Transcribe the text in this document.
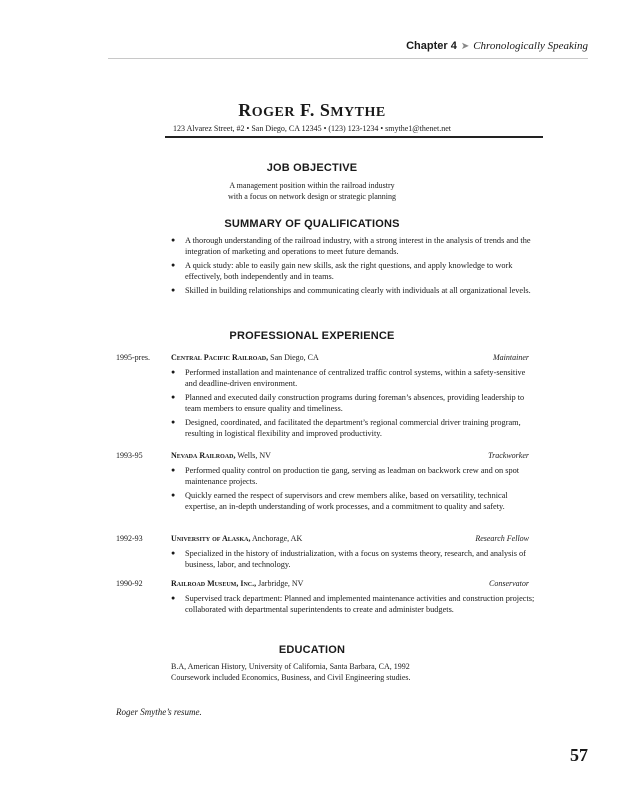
Chapter 4 ➤ Chronologically Speaking
ROGER F. SMYTHE
123 Alvarez Street, #2 • San Diego, CA 12345 • (123) 123-1234 • smythe1@thenet.net
JOB OBJECTIVE
A management position within the railroad industry
with a focus on network design or strategic planning
SUMMARY OF QUALIFICATIONS
● A thorough understanding of the railroad industry, with a strong interest in the analysis of trends and the integration of marketing and operations to meet future demands.
● A quick study: able to easily gain new skills, ask the right questions, and apply knowledge to work effectively, both independently and in teams.
● Skilled in building relationships and communicating clearly with individuals at all organizational levels.
PROFESSIONAL EXPERIENCE
1995-pres.	Central Pacific Railroad, San Diego, CA	Maintainer
● Performed installation and maintenance of centralized traffic control systems, within a safety-sensitive and deadline-driven environment.
● Planned and executed daily construction programs during foreman’s absences, providing leadership to team members to ensure quality and timeliness.
● Designed, coordinated, and facilitated the department’s regional commercial driver training program, resulting in logistical flexibility and improved productivity.
1993-95	Nevada Railroad, Wells, NV	Trackworker
● Performed quality control on production tie gang, serving as leadman on backwork crew and on spot maintenance projects.
● Quickly earned the respect of supervisors and crew members alike, based on versatility, technical expertise, an in-depth understanding of work processes, and a commitment to quality and safety.
1992-93	University of Alaska, Anchorage, AK	Research Fellow
● Specialized in the history of industrialization, with a focus on systems theory, research, and analysis of business, labor, and technology.
1990-92	Railroad Museum, Inc., Jarbridge, NV	Conservator
● Supervised track department: Planned and implemented maintenance activities and construction projects; collaborated with departmental superintendents to create and administer budgets.
EDUCATION
B.A, American History, University of California, Santa Barbara, CA, 1992
Coursework included Economics, Business, and Civil Engineering studies.
Roger Smythe’s resume.
57
